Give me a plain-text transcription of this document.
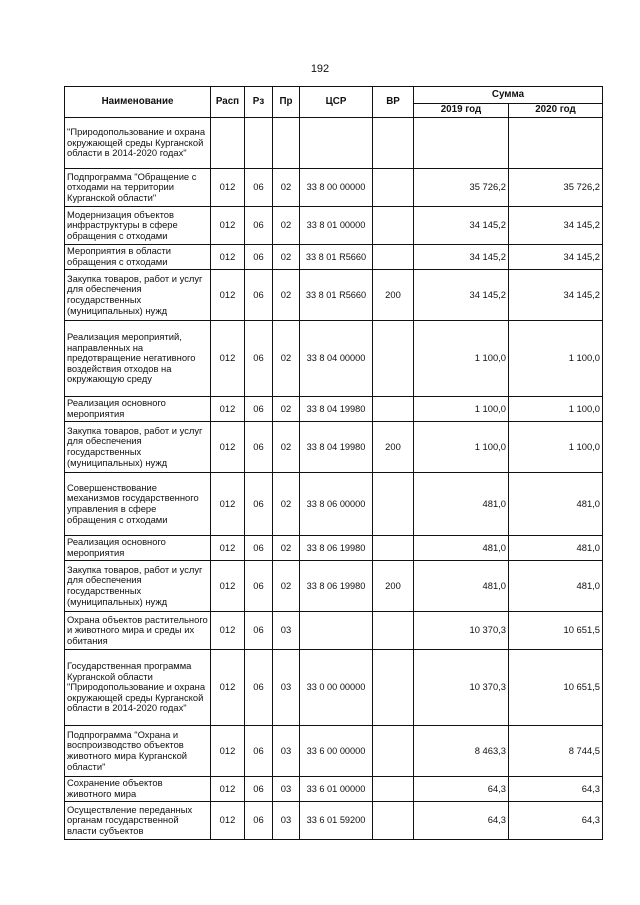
192
Наименование	Расп	Рз	Пр	ЦСР	ВР	Сумма	
						2019 год	2020 год
"Природопользование и охрана окружающей среды Курганской области в 2014-2020 годах"							
Подпрограмма "Обращение с отходами на территории Курганской области"	012	06	02	33 8 00 00000		35 726,2	35 726,2
Модернизация объектов инфраструктуры в сфере обращения с отходами	012	06	02	33 8 01 00000		34 145,2	34 145,2
Мероприятия в области обращения с отходами	012	06	02	33 8 01 R5660		34 145,2	34 145,2
Закупка товаров, работ и услуг для обеспечения государственных (муниципальных) нужд	012	06	02	33 8 01 R5660	200	34 145,2	34 145,2
Реализация мероприятий, направленных на предотвращение негативного воздействия отходов на окружающую среду	012	06	02	33 8 04 00000		1 100,0	1 100,0
Реализация основного мероприятия	012	06	02	33 8 04 19980		1 100,0	1 100,0
Закупка товаров, работ и услуг для обеспечения государственных (муниципальных) нужд	012	06	02	33 8 04 19980	200	1 100,0	1 100,0
Совершенствование механизмов государственного управления в сфере обращения с отходами	012	06	02	33 8 06 00000		481,0	481,0
Реализация основного мероприятия	012	06	02	33 8 06 19980		481,0	481,0
Закупка товаров, работ и услуг для обеспечения государственных (муниципальных) нужд	012	06	02	33 8 06 19980	200	481,0	481,0
Охрана объектов растительного и животного мира и среды их обитания	012	06	03			10 370,3	10 651,5
Государственная программа Курганской области "Природопользование и охрана окружающей среды Курганской области в 2014-2020 годах"	012	06	03	33 0 00 00000		10 370,3	10 651,5
Подпрограмма "Охрана и воспроизводство объектов животного мира Курганской области"	012	06	03	33 6 00 00000		8 463,3	8 744,5
Сохранение объектов животного мира	012	06	03	33 6 01 00000		64,3	64,3
Осуществление переданных органам государственной власти субъектов	012	06	03	33 6 01 59200		64,3	64,3
